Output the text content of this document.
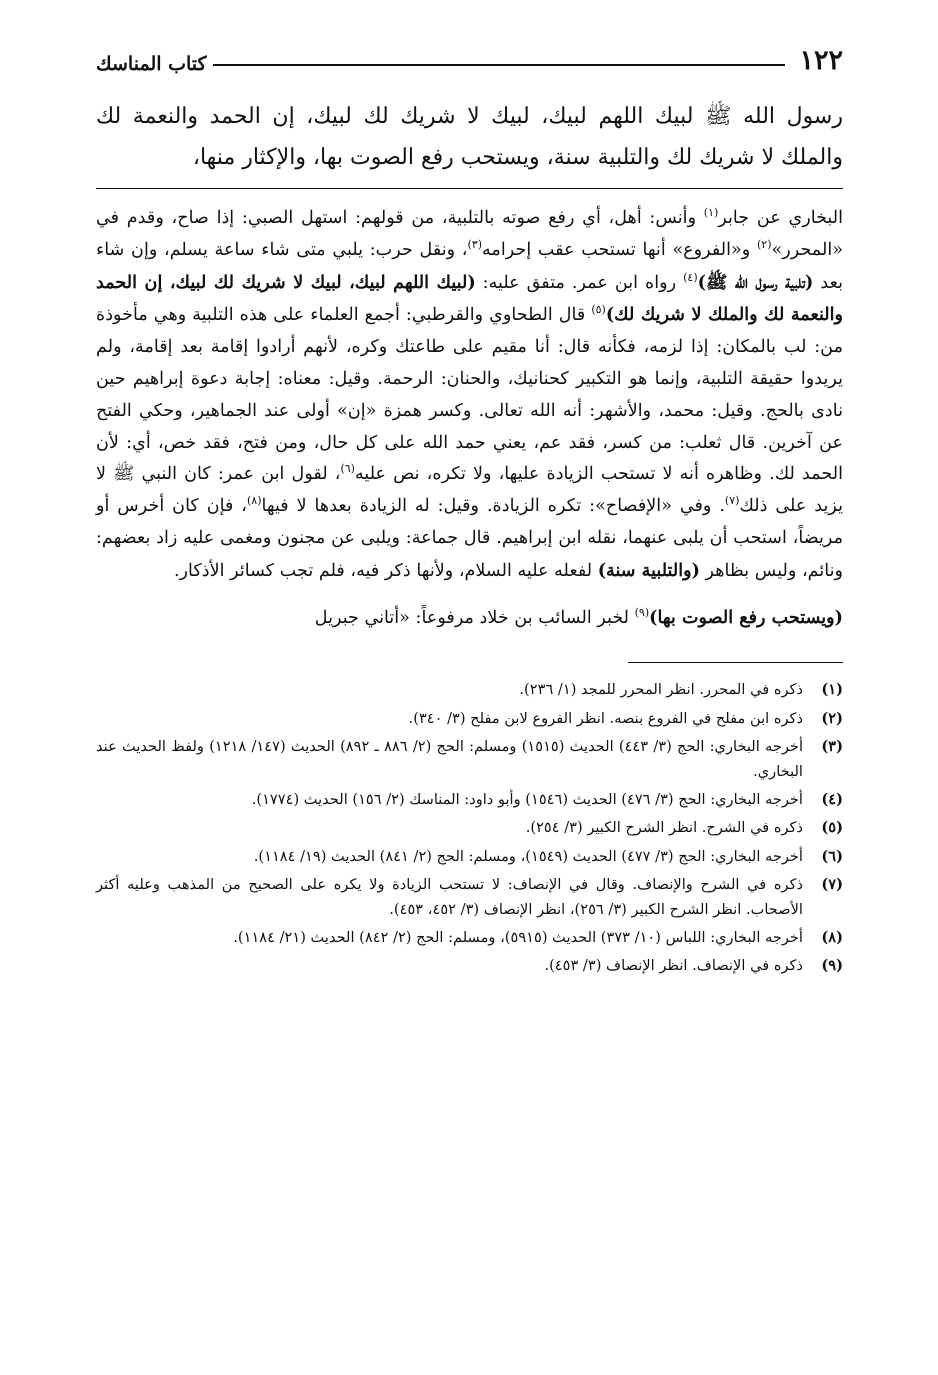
١٢٢
كتاب المناسك
رسول الله ﷺ لبيك اللهم لبيك، لبيك لا شريك لك لبيك، إن الحمد والنعمة لك والملك لا شريك لك والتلبية سنة، ويستحب رفع الصوت بها، والإكثار منها،

البخاري عن جابر$^{(١)}$ وأنس: أهل، أي رفع صوته بالتلبية، من قولهم: استهل الصبي: إذا صاح، وقدم في «المحرر»$^{(٢)}$ و«الفروع» أنها تستحب عقب إحرامه$^{(٣)}$، ونقل حرب: يلبي متى شاء ساعة يسلم، وإن شاء بعد (تلبية رسول الله ﷺ)$^{(٤)}$ رواه ابن عمر. متفق عليه: (لبيك اللهم لبيك، لبيك لا شريك لك لبيك، إن الحمد والنعمة لك والملك لا شريك لك)$^{(٥)}$ قال الطحاوي والقرطبي: أجمع العلماء على هذه التلبية وهي مأخوذة من: لب بالمكان: إذا لزمه، فكأنه قال: أنا مقيم على طاعتك وكره، لأنهم أرادوا إقامة بعد إقامة، ولم يريدوا حقيقة التلبية، وإنما هو التكبير كحنانيك، والحنان: الرحمة. وقيل: معناه: إجابة دعوة إبراهيم حين نادى بالحج. وقيل: محمد، والأشهر: أنه الله تعالى. وكسر همزة «إن» أولى عند الجماهير، وحكي الفتح عن آخرين. قال ثعلب: من كسر، فقد عم، يعني حمد الله على كل حال، ومن فتح، فقد خص، أي: لأن الحمد لك. وظاهره أنه لا تستحب الزيادة عليها، ولا تكره، نص عليه$^{(٦)}$، لقول ابن عمر: كان النبي ﷺ لا يزيد على ذلك$^{(٧)}$. وفي «الإفصاح»: تكره الزيادة. وقيل: له الزيادة بعدها لا فيها$^{(٨)}$، فإن كان أخرس أو مريضاً، استحب أن يلبى عنهما، نقله ابن إبراهيم. قال جماعة: ويلبى عن مجنون ومغمى عليه زاد بعضهم: ونائم، وليس بظاهر (والتلبية سنة) لفعله عليه السلام، ولأنها ذكر فيه، فلم تجب كسائر الأذكار.

(ويستحب رفع الصوت بها)$^{(٩)}$ لخبر السائب بن خلاد مرفوعاً: «أتاني جبريل

(١)
ذكره في المحرر. انظر المحرر للمجد (١/ ٢٣٦).
(٢)
ذكره ابن مفلح في الفروع بنصه. انظر الفروع لابن مفلح (٣/ ٣٤٠).
(٣)
أخرجه البخاري: الحج (٣/ ٤٤٣) الحديث (١٥١٥) ومسلم: الحج (٢/ ٨٨٦ ـ ٨٩٢) الحديث (١٤٧/ ١٢١٨) ولفظ الحديث عند البخاري.
(٤)
أخرجه البخاري: الحج (٣/ ٤٧٦) الحديث (١٥٤٦) وأبو داود: المناسك (٢/ ١٥٦) الحديث (١٧٧٤).
(٥)
ذكره في الشرح. انظر الشرح الكبير (٣/ ٢٥٤).
(٦)
أخرجه البخاري: الحج (٣/ ٤٧٧) الحديث (١٥٤٩)، ومسلم: الحج (٢/ ٨٤١) الحديث (١٩/ ١١٨٤).
(٧)
ذكره في الشرح والإنصاف. وقال في الإنصاف: لا تستحب الزيادة ولا يكره على الصحيح من المذهب وعليه أكثر الأصحاب. انظر الشرح الكبير (٣/ ٢٥٦)، انظر الإنصاف (٣/ ٤٥٢، ٤٥٣).
(٨)
أخرجه البخاري: اللباس (١٠/ ٣٧٣) الحديث (٥٩١٥)، ومسلم: الحج (٢/ ٨٤٢) الحديث (٢١/ ١١٨٤).
(٩)
ذكره في الإنصاف. انظر الإنصاف (٣/ ٤٥٣).
